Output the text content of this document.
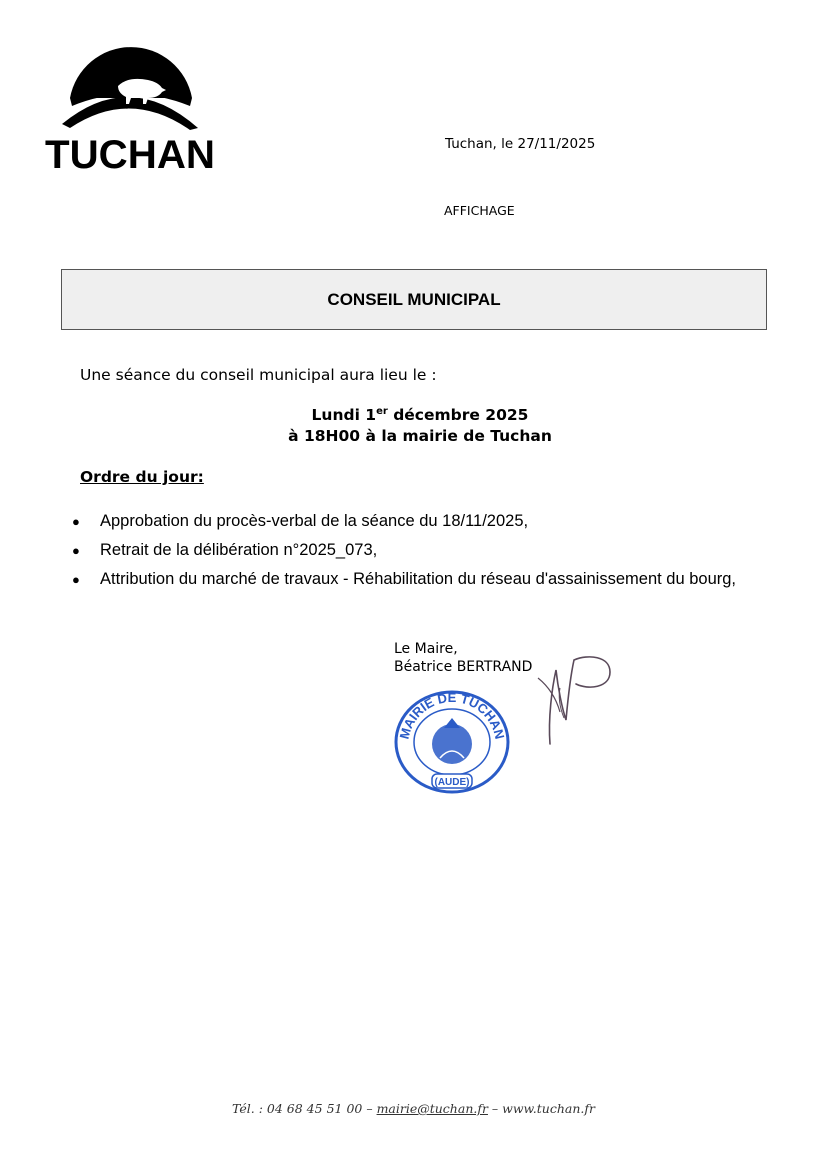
TUCHAN	Tuchan, le 27/11/2025
AFFICHAGE
CONSEIL MUNICIPAL
Une séance du conseil municipal aura lieu le :
Lundi 1er décembre 2025
à 18H00 à la mairie de Tuchan
Ordre du jour:
● Approbation du procès-verbal de la séance du 18/11/2025,
● Retrait de la délibération n°2025_073,
● Attribution du marché de travaux - Réhabilitation du réseau d'assainissement du bourg,
Le Maire,
Béatrice BERTRAND
MAIRIE DE TUCHAN
(AUDE)
Tél. : 04 68 45 51 00 – mairie@tuchan.fr – www.tuchan.fr
